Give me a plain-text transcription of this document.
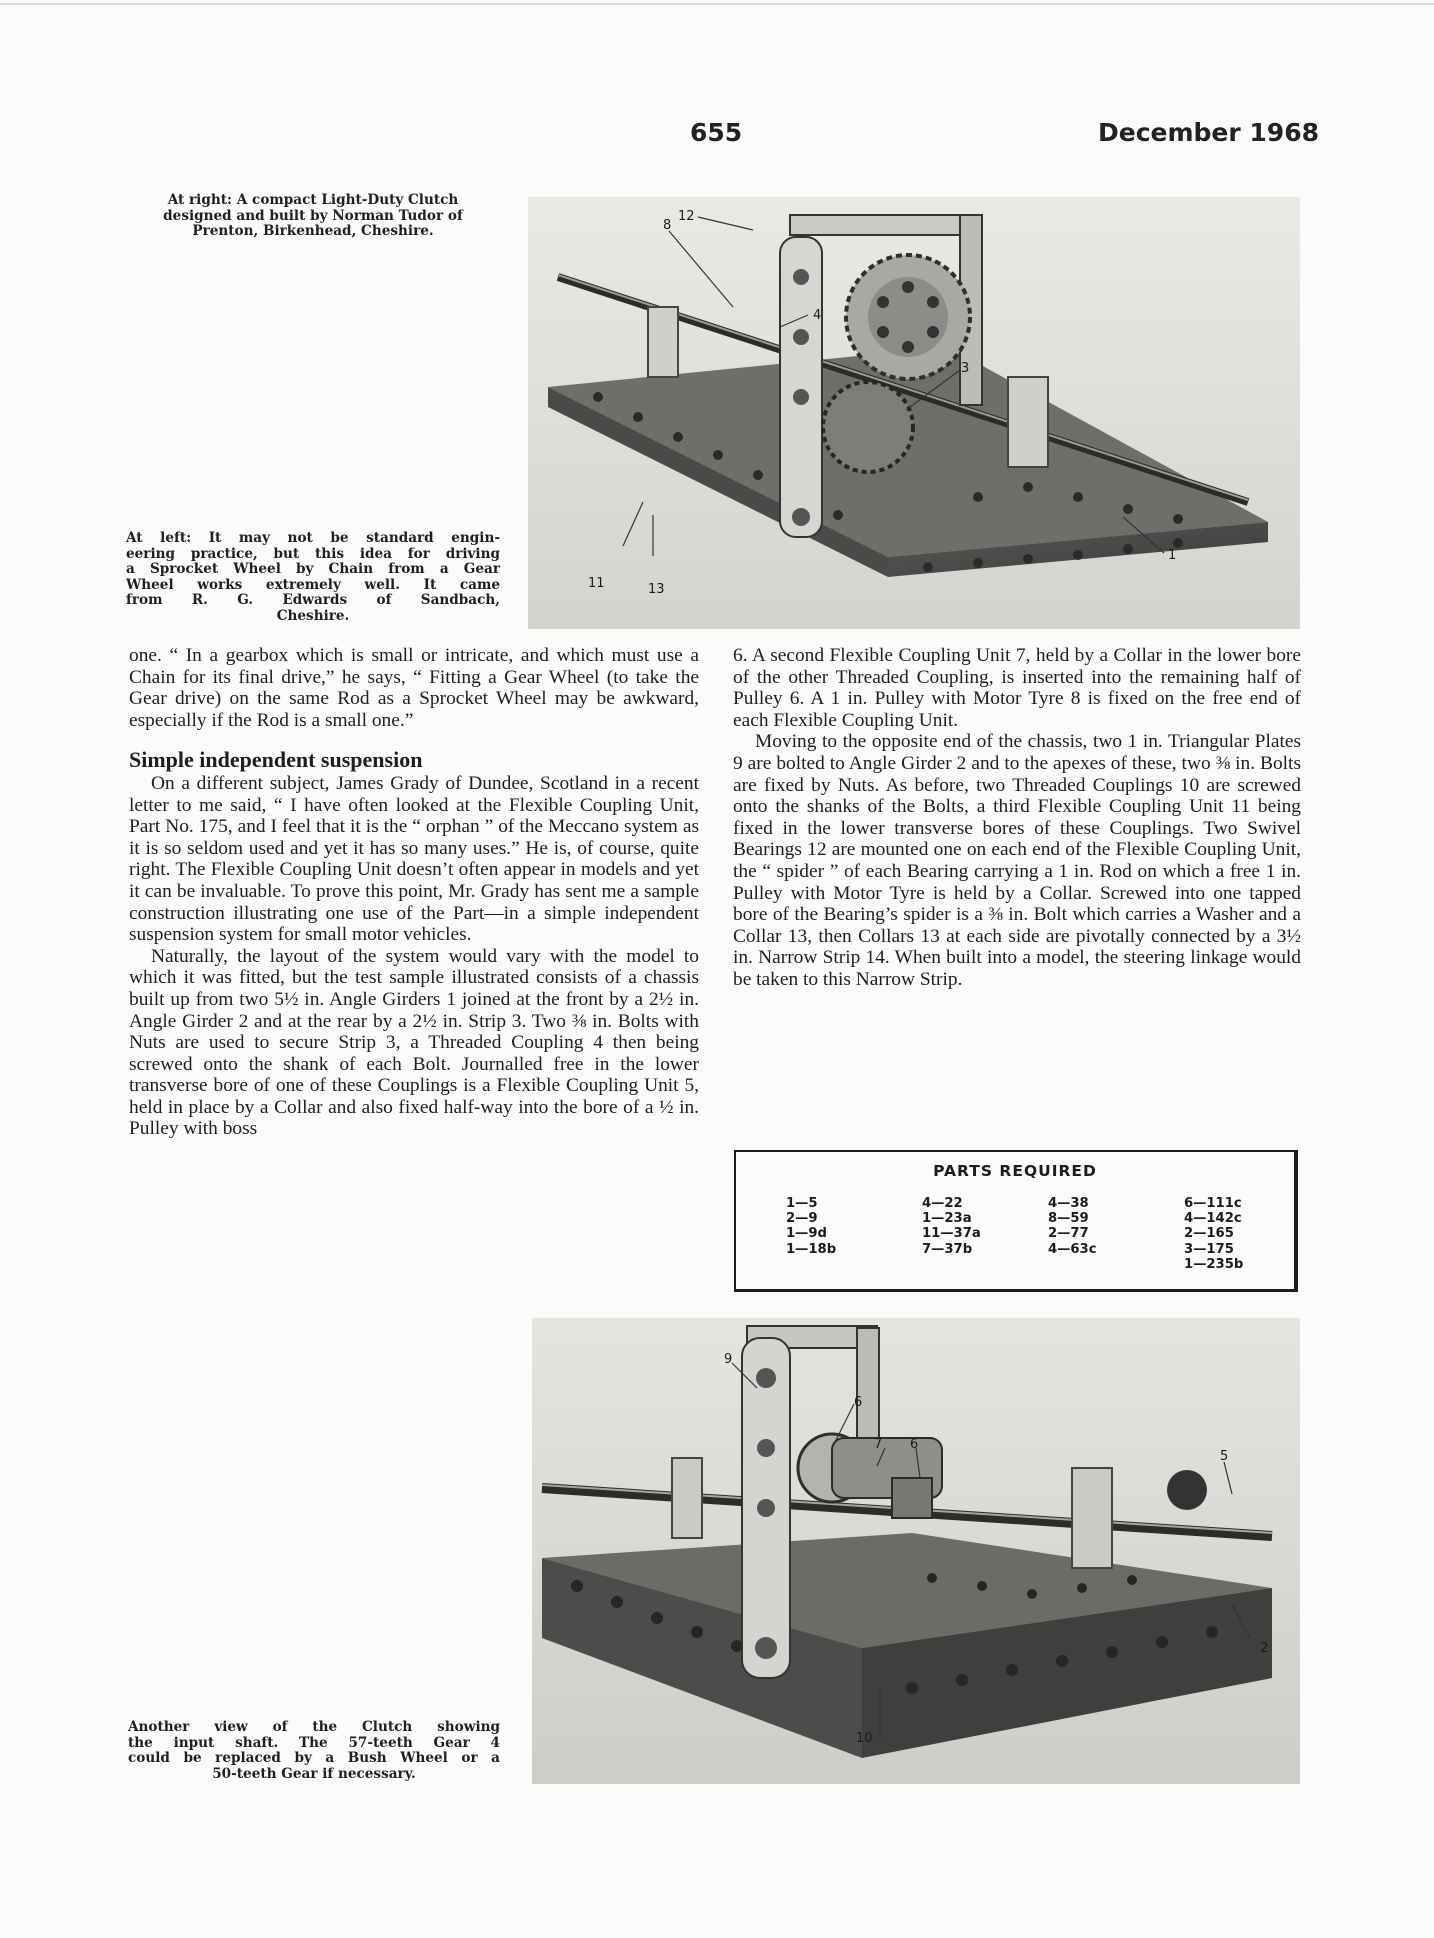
655	December 1968
At right: A compact Light-Duty Clutch
designed and built by Norman Tudor of
Prenton, Birkenhead, Cheshire.
At left: It may not be standard engin-
eering practice, but this idea for driving
a Sprocket Wheel by Chain from a Gear
Wheel works extremely well. It came
from R. G. Edwards of Sandbach,
Cheshire.
8
12
4
3
1
11	13

one. “ In a gearbox which is small or intricate, and which must use a Chain for its final drive,” he says, “ Fitting a Gear Wheel (to take the Gear drive) on the same Rod as a Sprocket Wheel may be awkward, especially if the Rod is a small one.”

Simple independent suspension

On a different subject, James Grady of Dundee, Scotland in a recent letter to me said, “ I have often looked at the Flexible Coupling Unit, Part No. 175, and I feel that it is the “ orphan ” of the Meccano system as it is so seldom used and yet it has so many uses.” He is, of course, quite right. The Flexible Coupling Unit doesn’t often appear in models and yet it can be invaluable. To prove this point, Mr. Grady has sent me a sample construction illustrating one use of the Part—in a simple independent suspension system for small motor vehicles.

Naturally, the layout of the system would vary with the model to which it was fitted, but the test sample illustrated consists of a chassis built up from two 5½ in. Angle Girders 1 joined at the front by a 2½ in. Angle Girder 2 and at the rear by a 2½ in. Strip 3. Two ⅜ in. Bolts with Nuts are used to secure Strip 3, a Threaded Coupling 4 then being screwed onto the shank of each Bolt. Journalled free in the lower transverse bore of one of these Couplings is a Flexible Coupling Unit 5, held in place by a Collar and also fixed half-way into the bore of a ½ in. Pulley with boss

6. A second Flexible Coupling Unit 7, held by a Collar in the lower bore of the other Threaded Coupling, is inserted into the remaining half of Pulley 6. A 1 in. Pulley with Motor Tyre 8 is fixed on the free end of each Flexible Coupling Unit.

Moving to the opposite end of the chassis, two 1 in. Triangular Plates 9 are bolted to Angle Girder 2 and to the apexes of these, two ⅜ in. Bolts are fixed by Nuts. As before, two Threaded Couplings 10 are screwed onto the shanks of the Bolts, a third Flexible Coupling Unit 11 being fixed in the lower transverse bores of these Couplings. Two Swivel Bearings 12 are mounted one on each end of the Flexible Coupling Unit, the “ spider ” of each Bearing carrying a 1 in. Rod on which a free 1 in. Pulley with Motor Tyre is held by a Collar. Screwed into one tapped bore of the Bearing’s spider is a ⅜ in. Bolt which carries a Washer and a Collar 13, then Collars 13 at each side are pivotally connected by a 3½ in. Narrow Strip 14. When built into a model, the steering linkage would be taken to this Narrow Strip.

PARTS REQUIRED
1—5
2—9
1—9d
1—18b
4—22
1—23a
11—37a
7—37b
4—38
8—59
2—77
4—63c
6—111c
4—142c
2—165
3—175
1—235b
9
6
7 6
5
2
10
Another view of the Clutch showing
the input shaft. The 57-teeth Gear 4
could be replaced by a Bush Wheel or a
50-teeth Gear if necessary.
